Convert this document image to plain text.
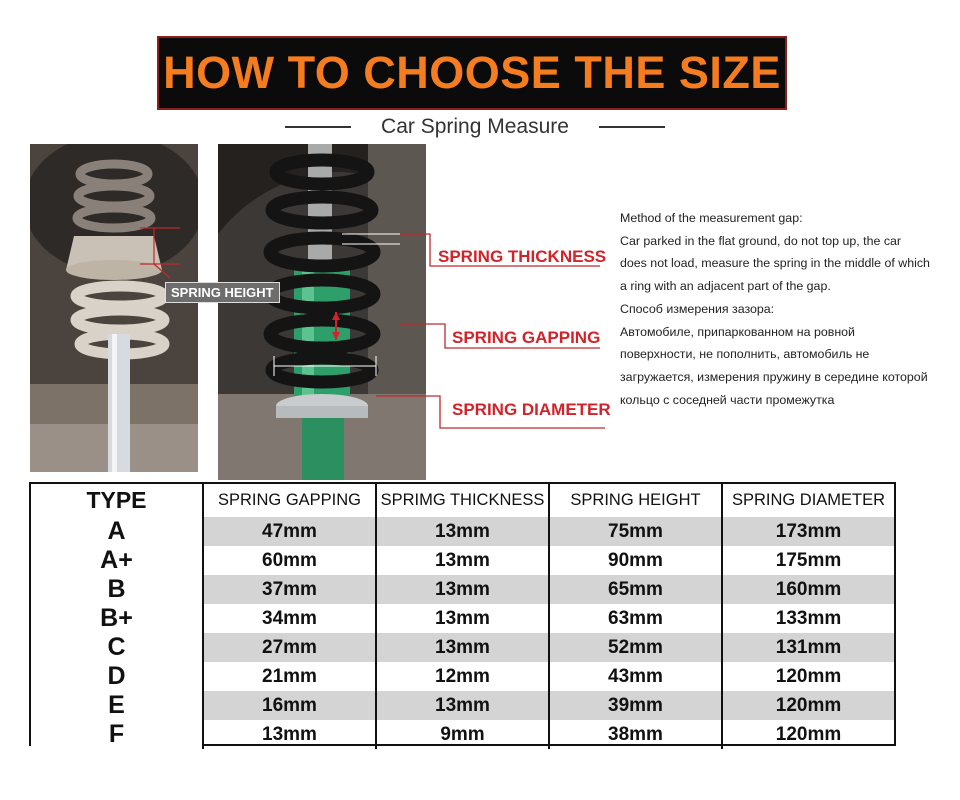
HOW TO CHOOSE THE SIZE
Car Spring Measure
SPRING HEIGHT
SPRING THICKNESS
SPRING GAPPING
SPRING DIAMETER

Method of the measurement gap:

Car parked in the flat ground, do not top up, the car does not load, measure the spring in the middle of which a ring with an adjacent part of the gap.

Способ измерения зазора:

Автомобиле, припаркованном на ровной поверхности, не пополнить, автомобиль не загружается, измерения пружину в середине которой кольцо с соседней части промежутка

TYPE	SPRING GAPPING	SPRIMG THICKNESS	SPRING HEIGHT	SPRING DIAMETER
A	47mm	13mm	75mm	173mm
A+	60mm	13mm	90mm	175mm
B	37mm	13mm	65mm	160mm
B+	34mm	13mm	63mm	133mm
C	27mm	13mm	52mm	131mm
D	21mm	12mm	43mm	120mm
E	16mm	13mm	39mm	120mm
F	13mm	9mm	38mm	120mm
